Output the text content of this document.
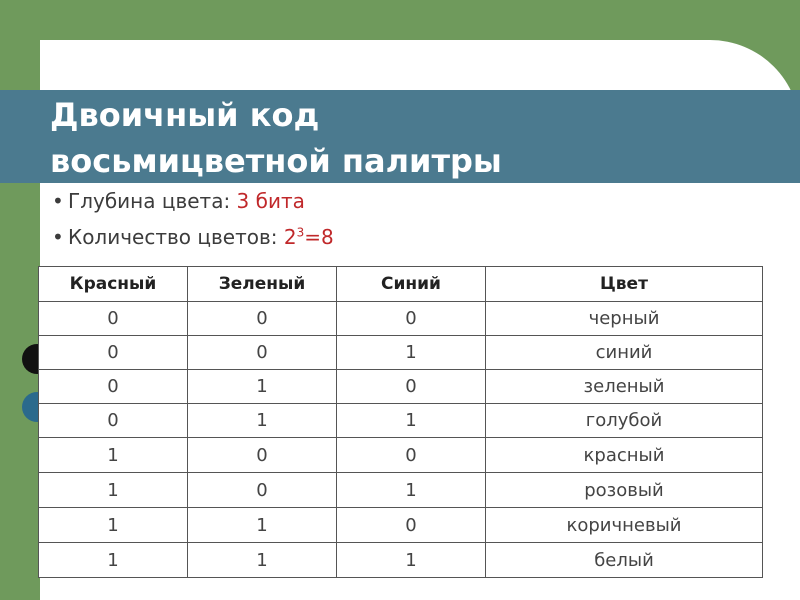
Двоичный код
восьмицветной палитры
• Глубина цвета: 3 бита
• Количество цветов: $2^3=8$
Красный	Зеленый	Синий	Цвет
0	0	0	черный
0	0	1	синий
0	1	0	зеленый
0	1	1	голубой
1	0	0	красный
1	0	1	розовый
1	1	0	коричневый
1	1	1	белый
